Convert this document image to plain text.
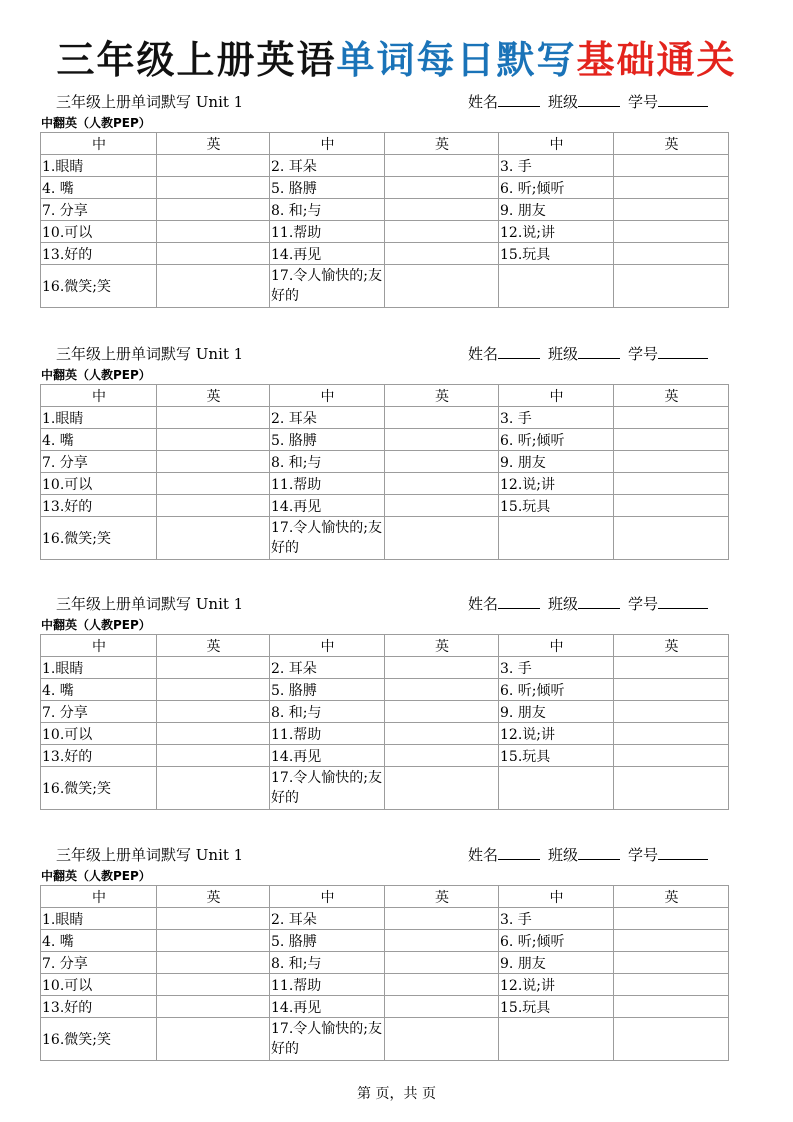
三年级上册英语单词每日默写基础通关
三年级上册单词默写 Unit 1	姓名	班级	学号
中翻英（人教PEP）
中	英	中	英	中	英
1.眼睛		2. 耳朵		3. 手	
4. 嘴		5. 胳膊		6. 听;倾听	
7. 分享		8. 和;与		9. 朋友	
10.可以		11.帮助		12.说;讲	
13.好的		14.再见		15.玩具	
16.微笑;笑		17.令人愉快的;友好的			
三年级上册单词默写 Unit 1	姓名	班级	学号
中翻英（人教PEP）
中	英	中	英	中	英
1.眼睛		2. 耳朵		3. 手	
4. 嘴		5. 胳膊		6. 听;倾听	
7. 分享		8. 和;与		9. 朋友	
10.可以		11.帮助		12.说;讲	
13.好的		14.再见		15.玩具	
16.微笑;笑		17.令人愉快的;友好的			
三年级上册单词默写 Unit 1	姓名	班级	学号
中翻英（人教PEP）
中	英	中	英	中	英
1.眼睛		2. 耳朵		3. 手	
4. 嘴		5. 胳膊		6. 听;倾听	
7. 分享		8. 和;与		9. 朋友	
10.可以		11.帮助		12.说;讲	
13.好的		14.再见		15.玩具	
16.微笑;笑		17.令人愉快的;友好的			
三年级上册单词默写 Unit 1	姓名	班级	学号
中翻英（人教PEP）
中	英	中	英	中	英
1.眼睛		2. 耳朵		3. 手	
4. 嘴		5. 胳膊		6. 听;倾听	
7. 分享		8. 和;与		9. 朋友	
10.可以		11.帮助		12.说;讲	
13.好的		14.再见		15.玩具	
16.微笑;笑		17.令人愉快的;友好的			
第 页，共 页
